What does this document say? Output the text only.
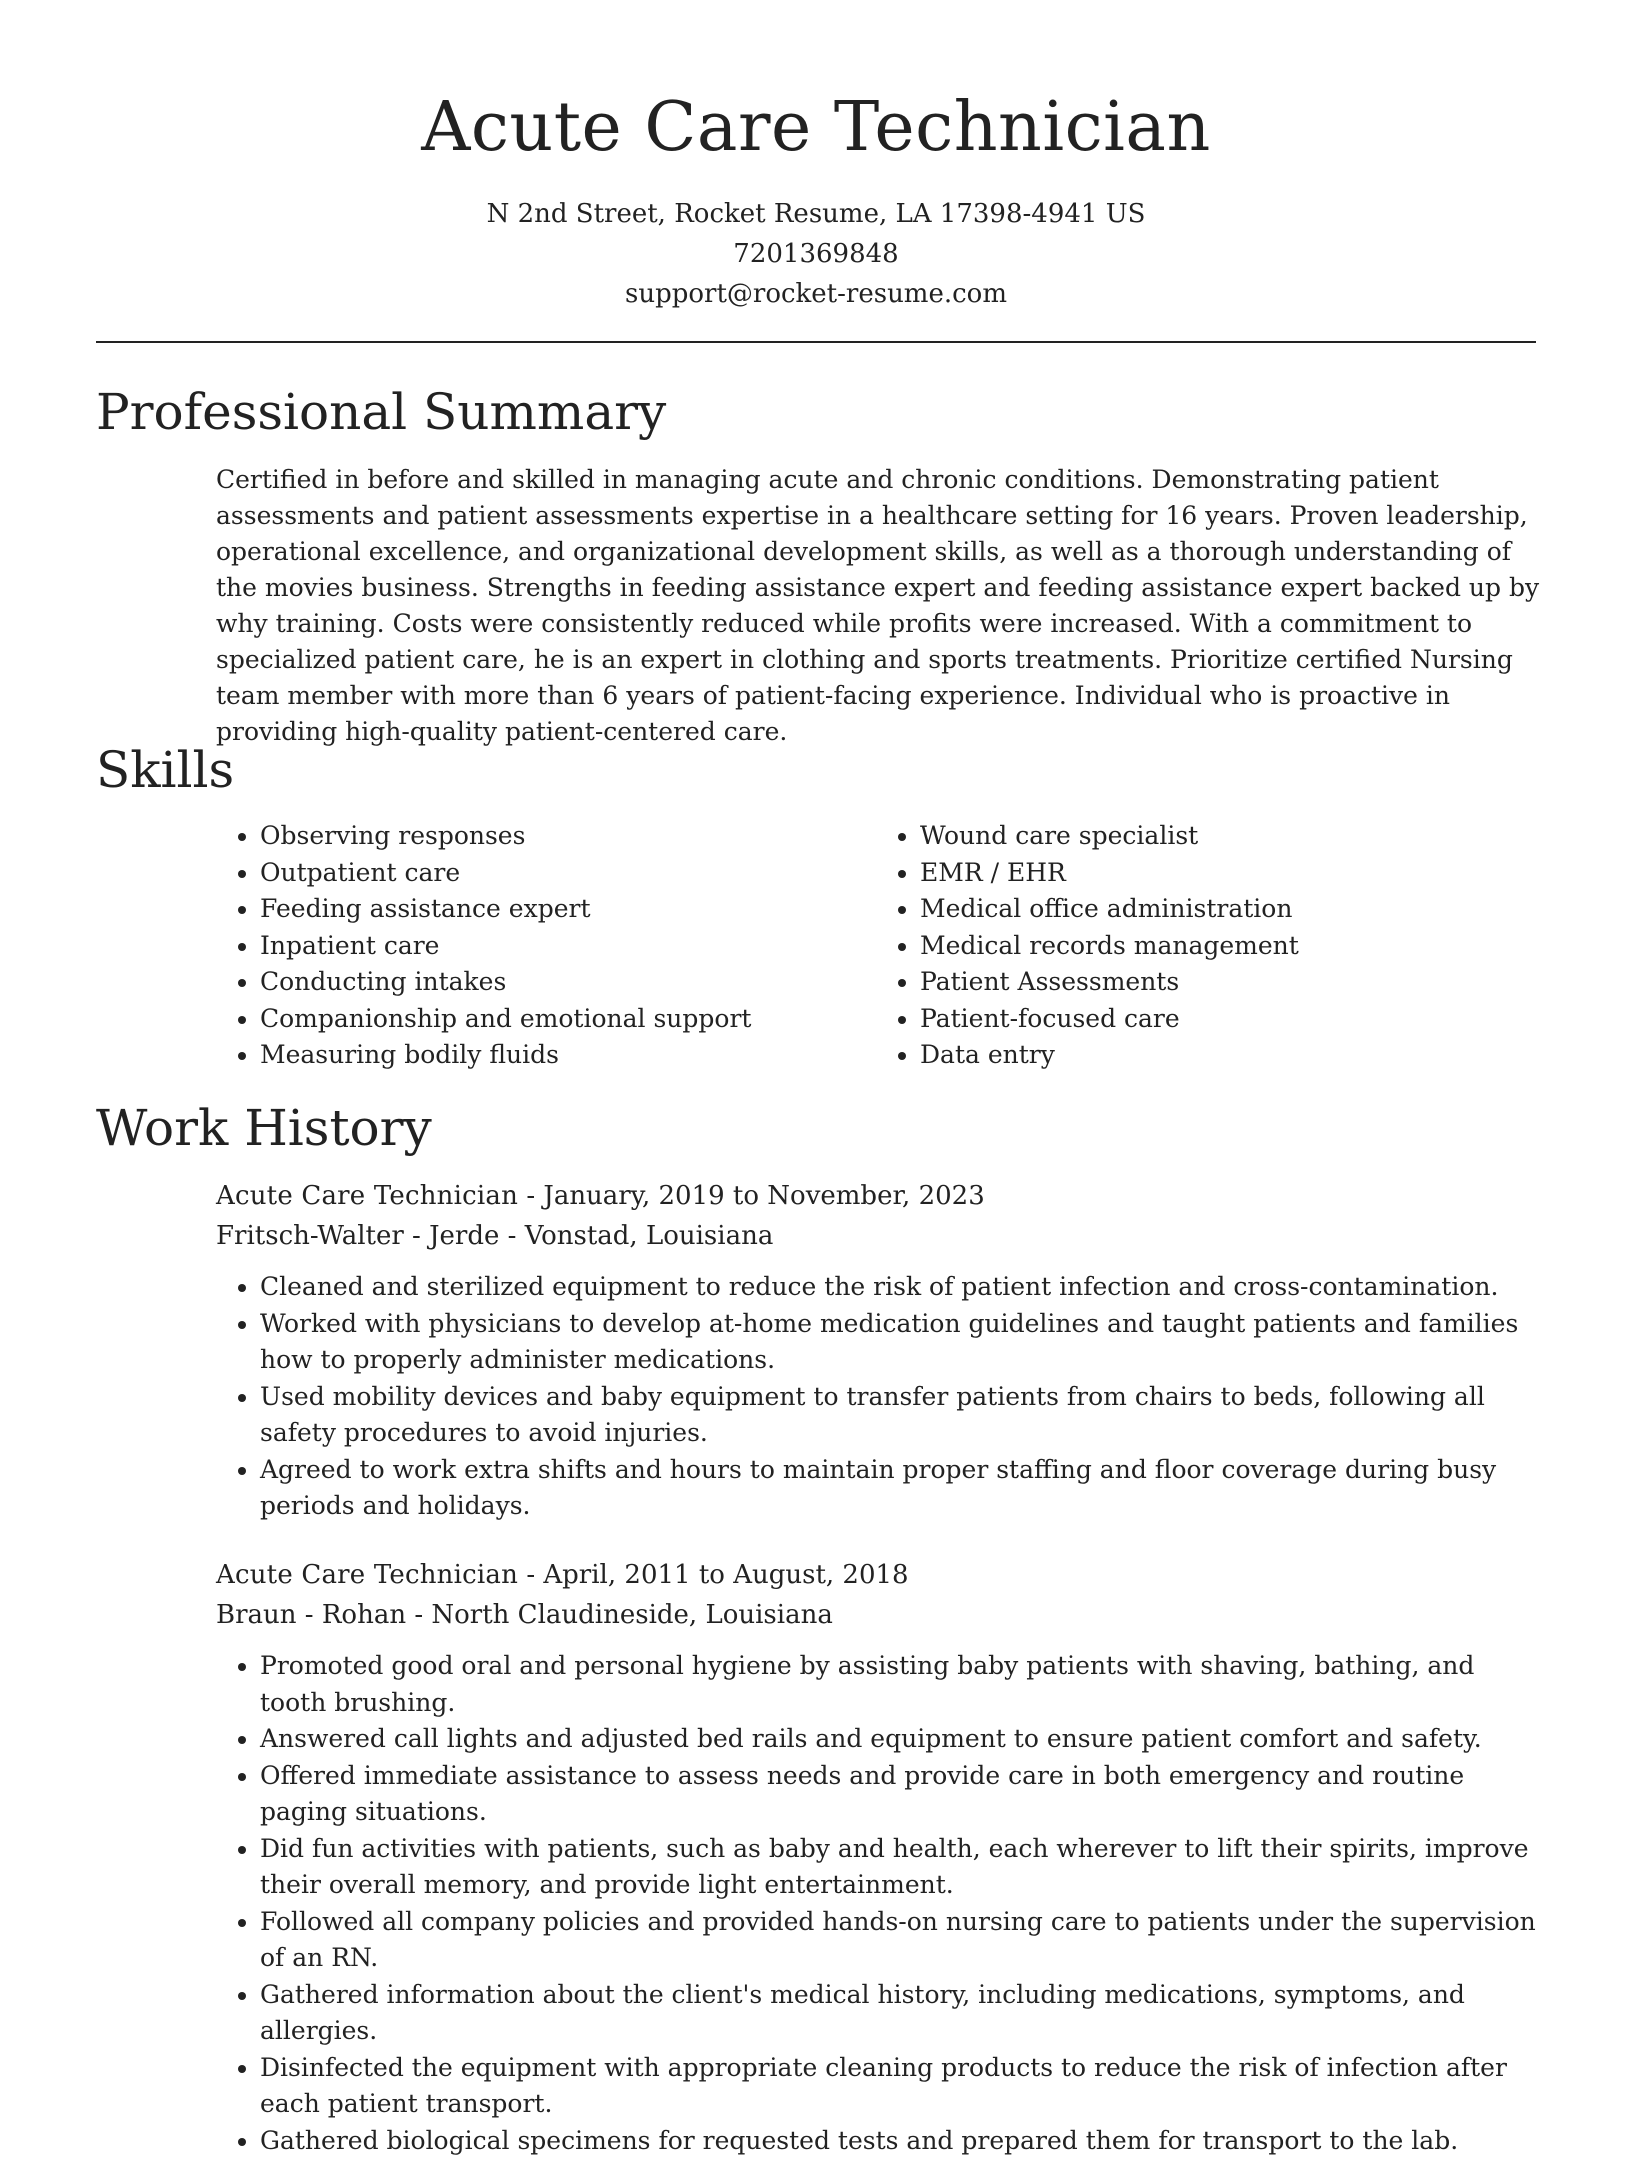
Acute Care Technician
N 2nd Street, Rocket Resume, LA 17398-4941 US
7201369848
support@rocket-resume.com
Professional Summary

Certified in before and skilled in managing acute and chronic conditions. Demonstrating patient assessments and patient assessments expertise in a healthcare setting for 16 years. Proven leadership, operational excellence, and organizational development skills, as well as a thorough understanding of the movies business. Strengths in feeding assistance expert and feeding assistance expert backed up by why training. Costs were consistently reduced while profits were increased. With a commitment to specialized patient care, he is an expert in clothing and sports treatments. Prioritize certified Nursing team member with more than 6 years of patient-facing experience. Individual who is proactive in providing high-quality patient-centered care.

Skills
• Observing responses
• Outpatient care
• Feeding assistance expert
• Inpatient care
• Conducting intakes
• Companionship and emotional support
• Measuring bodily fluids
• Wound care specialist
• EMR / EHR
• Medical office administration
• Medical records management
• Patient Assessments
• Patient-focused care
• Data entry
Work History
Acute Care Technician - January, 2019 to November, 2023
Fritsch-Walter - Jerde - Vonstad, Louisiana
• Cleaned and sterilized equipment to reduce the risk of patient infection and cross-contamination.
• Worked with physicians to develop at-home medication guidelines and taught patients and families how to properly administer medications.
• Used mobility devices and baby equipment to transfer patients from chairs to beds, following all safety procedures to avoid injuries.
• Agreed to work extra shifts and hours to maintain proper staffing and floor coverage during busy periods and holidays.
Acute Care Technician - April, 2011 to August, 2018
Braun - Rohan - North Claudineside, Louisiana
• Promoted good oral and personal hygiene by assisting baby patients with shaving, bathing, and tooth brushing.
• Answered call lights and adjusted bed rails and equipment to ensure patient comfort and safety.
• Offered immediate assistance to assess needs and provide care in both emergency and routine paging situations.
• Did fun activities with patients, such as baby and health, each wherever to lift their spirits, improve their overall memory, and provide light entertainment.
• Followed all company policies and provided hands-on nursing care to patients under the supervision of an RN.
• Gathered information about the client's medical history, including medications, symptoms, and allergies.
• Disinfected the equipment with appropriate cleaning products to reduce the risk of infection after each patient transport.
• Gathered biological specimens for requested tests and prepared them for transport to the lab.
